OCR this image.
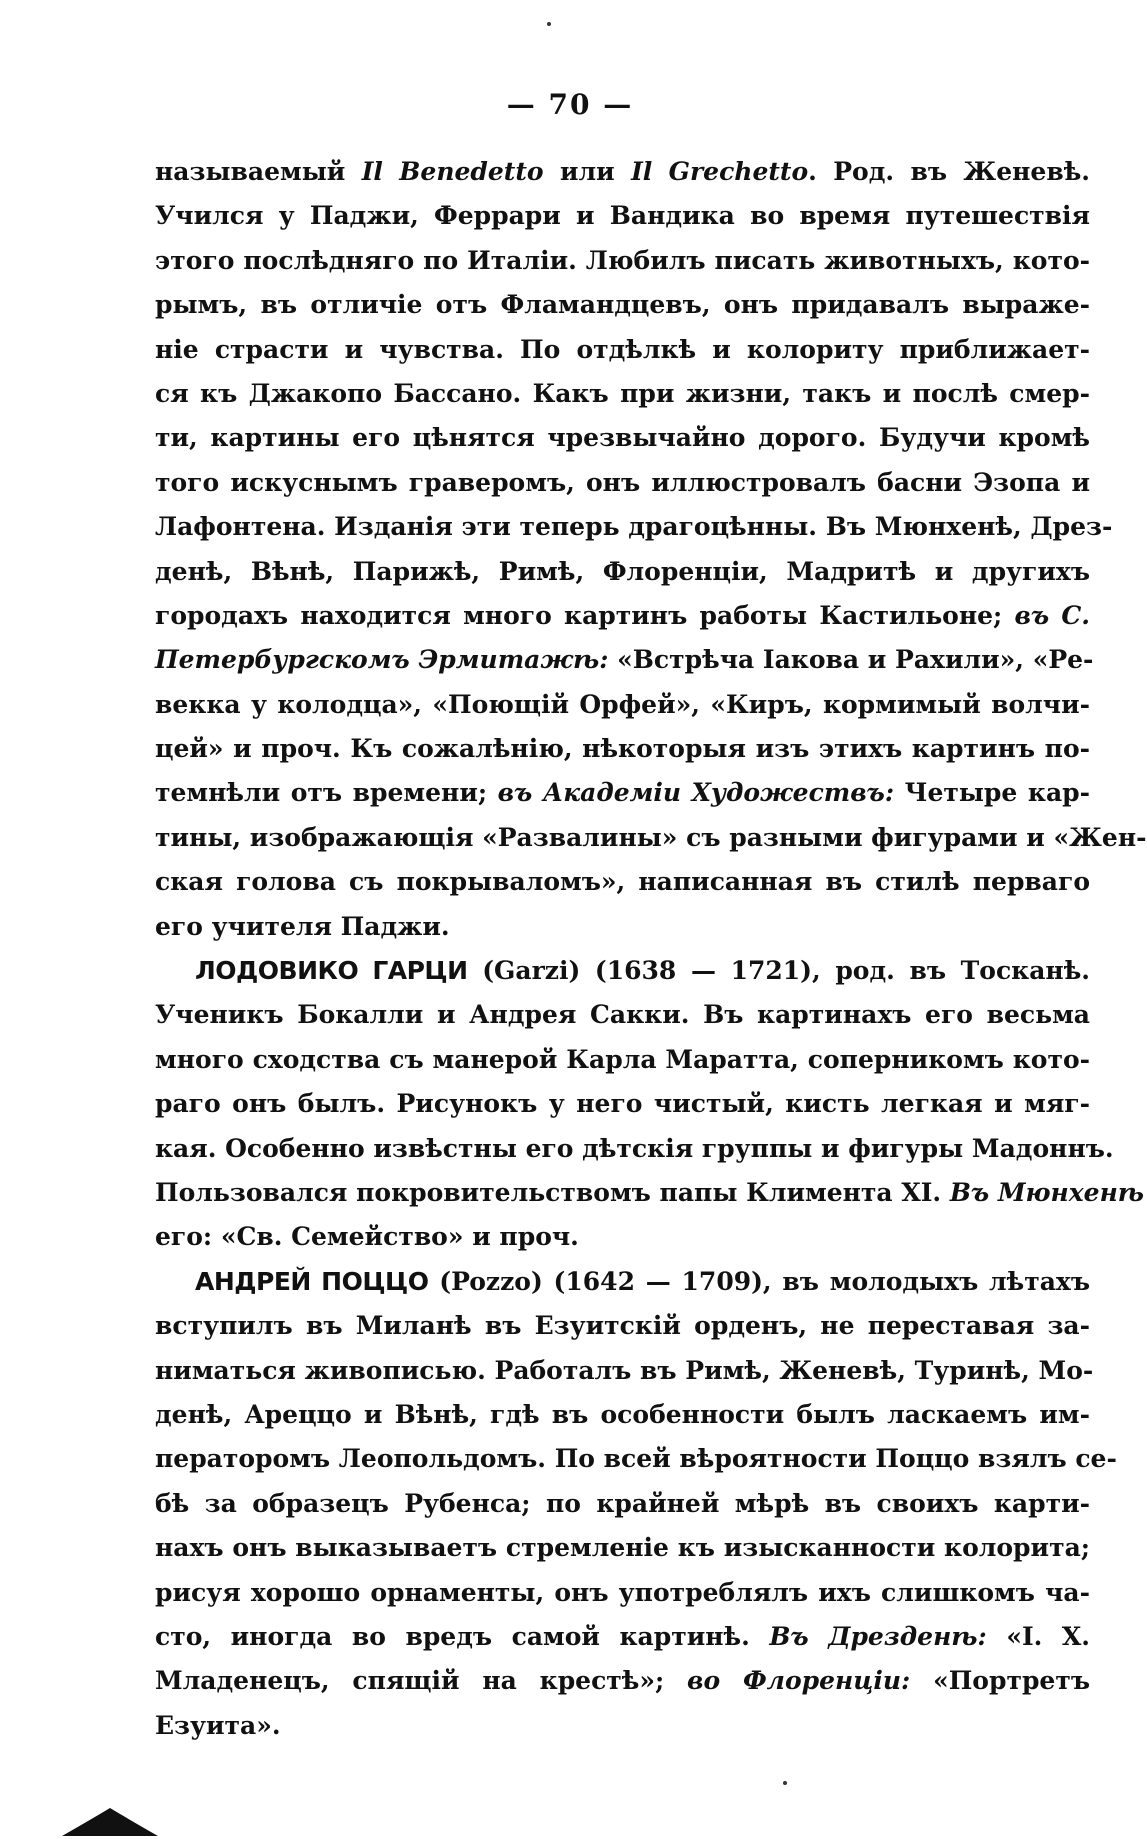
— 70 —
называемый Il Benedetto или Il Grechetto. Род. въ Женевѣ.
Учился у Паджи, Феррари и Вандика во время путешествія
этого послѣдняго по Италіи. Любилъ писать животныхъ, кото-
рымъ, въ отличіе отъ Фламандцевъ, онъ придавалъ выраже-
ніе страсти и чувства. По отдѣлкѣ и колориту приближает-
ся къ Джакопо Бассано. Какъ при жизни, такъ и послѣ смер-
ти, картины его цѣнятся чрезвычайно дорого. Будучи кромѣ
того искуснымъ граверомъ, онъ иллюстровалъ басни Эзопа и
Лафонтена. Изданія эти теперь драгоцѣнны. Въ Мюнхенѣ, Дрез-
денѣ, Вѣнѣ, Парижѣ, Римѣ, Флоренціи, Мадритѣ и другихъ
городахъ находится много картинъ работы Кастильоне; въ С.
Петербургскомъ Эрмитажѣ: «Встрѣча Іакова и Рахили», «Ре-
векка у колодца», «Поющій Орфей», «Киръ, кормимый волчи-
цей» и проч. Къ сожалѣнію, нѣкоторыя изъ этихъ картинъ по-
темнѣли отъ времени; въ Академіи Художествъ: Четыре кар-
тины, изображающія «Развалины» съ разными фигурами и «Жен-
ская голова съ покрываломъ», написанная въ стилѣ перваго
его учителя Паджи.
ЛОДОВИКО ГАРЦИ (Garzi) (1638 — 1721), род. въ Тосканѣ.
Ученикъ Бокалли и Андрея Сакки. Въ картинахъ его весьма
много сходства съ манерой Карла Маратта, соперникомъ кото-
раго онъ былъ. Рисунокъ у него чистый, кисть легкая и мяг-
кая. Особенно извѣстны его дѣтскія группы и фигуры Мадоннъ.
Пользовался покровительствомъ папы Климента XI. Въ Мюнхенѣ
его: «Св. Семейство» и проч.
АНДРЕЙ ПОЦЦО (Pozzo) (1642 — 1709), въ молодыхъ лѣтахъ
вступилъ въ Миланѣ въ Езуитскій орденъ, не переставая за-
ниматься живописью. Работалъ въ Римѣ, Женевѣ, Туринѣ, Мо-
денѣ, Ареццо и Вѣнѣ, гдѣ въ особенности былъ ласкаемъ им-
ператоромъ Леопольдомъ. По всей вѣроятности Поццо взялъ се-
бѣ за образецъ Рубенса; по крайней мѣрѣ въ своихъ карти-
нахъ онъ выказываетъ стремленіе къ изысканности колорита;
рисуя хорошо орнаменты, онъ употреблялъ ихъ слишкомъ ча-
сто, иногда во вредъ самой картинѣ. Въ Дрезденѣ: «І. Х.
Младенецъ, спящій на крестѣ»; во Флоренціи: «Портретъ
Езуита».
